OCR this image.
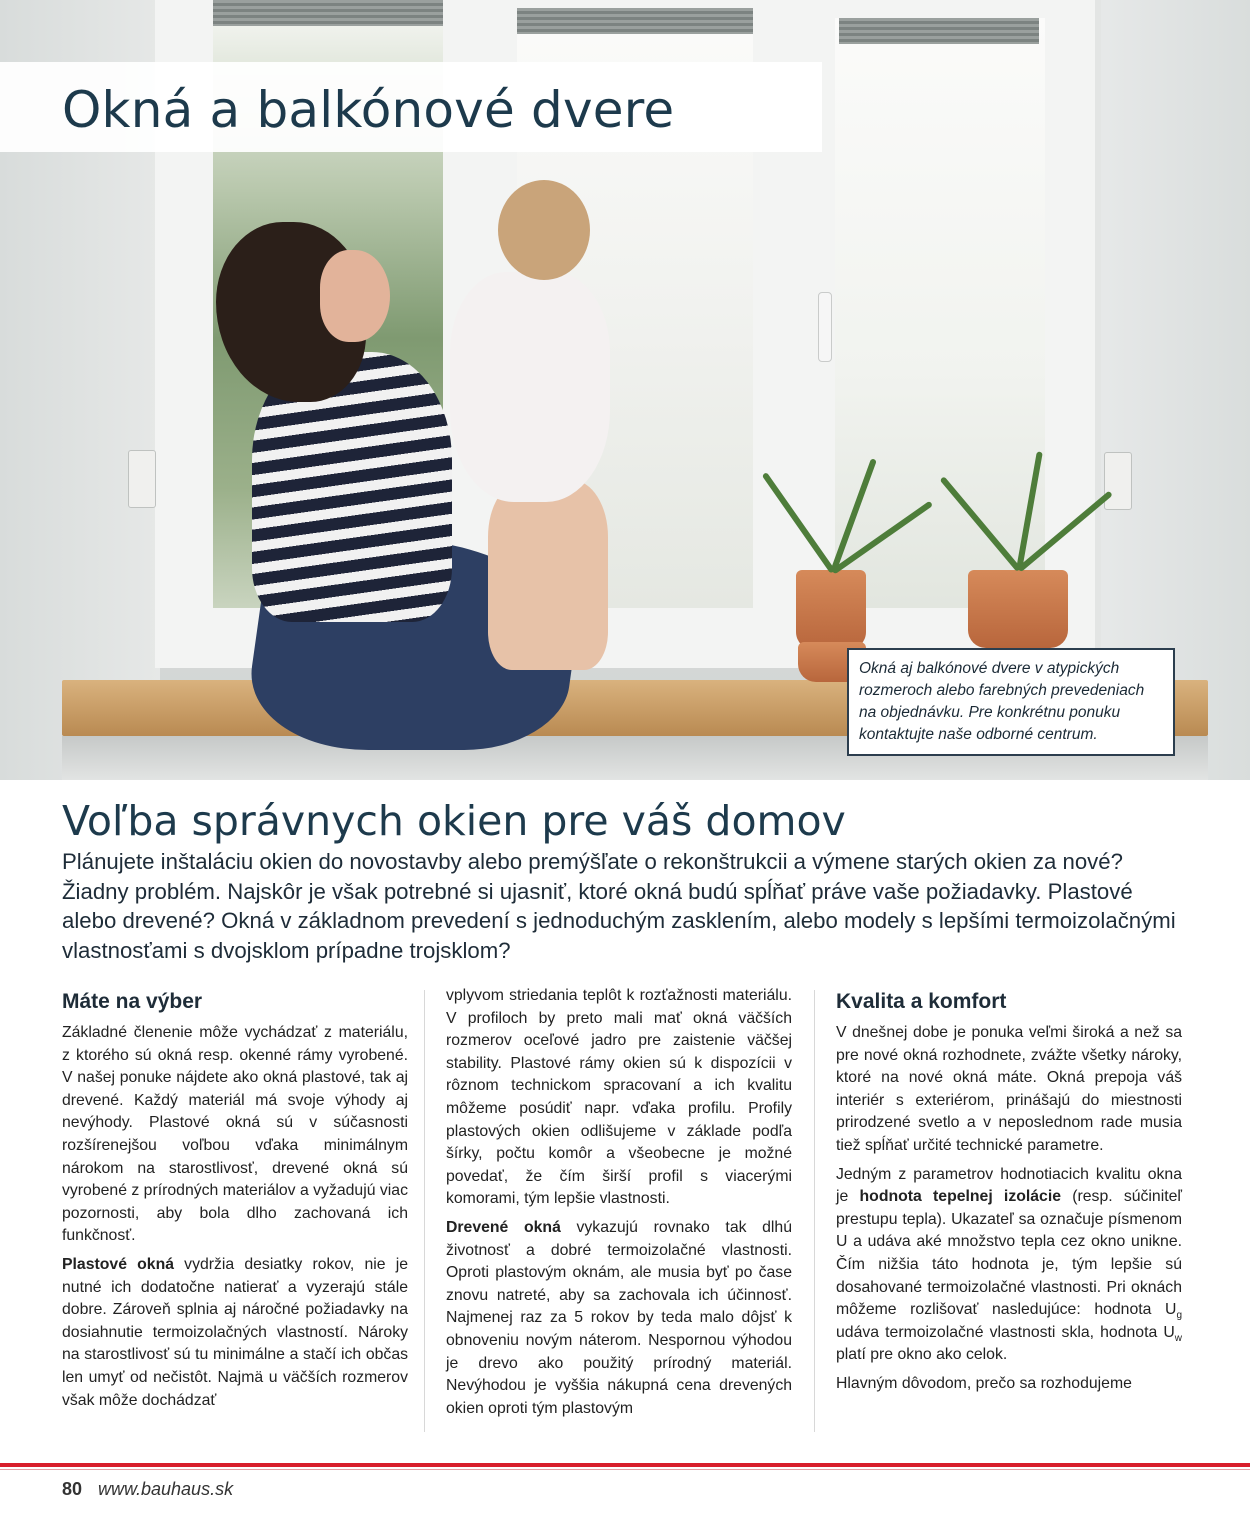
Okná a balkónové dvere
Okná aj balkónové dvere v atypických rozmeroch alebo farebných prevedeniach na objednávku. Pre konkrétnu ponuku kontaktujte naše odborné centrum.
Voľba správnych okien pre váš domov

Plánujete inštaláciu okien do novostavby alebo premýšľate o rekonštrukcii a výmene starých okien za nové? Žiadny problém. Najskôr je však potrebné si ujasniť, ktoré okná budú spĺňať práve vaše požiadavky. Plastové alebo drevené? Okná v základnom prevedení s jednoduchým zasklením, alebo modely s lepšími termoizolačnými vlastnosťami s dvojsklom prípadne trojsklom?

Máte na výber

Základné členenie môže vychádzať z materiálu, z ktorého sú okná resp. okenné rámy vyrobené. V našej ponuke nájdete ako okná plastové, tak aj drevené. Každý materiál má svoje výhody aj nevýhody. Plastové okná sú v súčasnosti rozšírenejšou voľbou vďaka minimálnym nárokom na starostlivosť, drevené okná sú vyrobené z prírodných materiálov a vyžadujú viac pozornosti, aby bola dlho zachovaná ich funkčnosť.

Plastové okná vydržia desiatky rokov, nie je nutné ich dodatočne natierať a vyzerajú stále dobre. Zároveň splnia aj náročné požiadavky na dosiahnutie termoizolačných vlastností. Nároky na starostlivosť sú tu minimálne a stačí ich občas len umyť od nečistôt. Najmä u väčších rozmerov však môže dochádzať

vplyvom striedania teplôt k rozťažnosti materiálu. V profiloch by preto mali mať okná väčších rozmerov oceľové jadro pre zaistenie väčšej stability. Plastové rámy okien sú k dispozícii v rôznom technickom spracovaní a ich kvalitu môžeme posúdiť napr. vďaka profilu. Profily plastových okien odlišujeme v základe podľa šírky, počtu komôr a všeobecne je možné povedať, že čím širší profil s viacerými komorami, tým lepšie vlastnosti.

Drevené okná vykazujú rovnako tak dlhú životnosť a dobré termoizolačné vlastnosti. Oproti plastovým oknám, ale musia byť po čase znovu natreté, aby sa zachovala ich účinnosť. Najmenej raz za 5 rokov by teda malo dôjsť k obnoveniu novým náterom. Nespornou výhodou je drevo ako použitý prírodný materiál. Nevýhodou je vyššia nákupná cena drevených okien oproti tým plastovým

Kvalita a komfort

V dnešnej dobe je ponuka veľmi široká a než sa pre nové okná rozhodnete, zvážte všetky nároky, ktoré na nové okná máte. Okná prepoja váš interiér s exteriérom, prinášajú do miestnosti prirodzené svetlo a v neposlednom rade musia tiež spĺňať určité technické parametre.

Jedným z parametrov hodnotiacich kvalitu okna je hodnota tepelnej izolácie (resp. súčiniteľ prestupu tepla). Ukazateľ sa označuje písmenom U a udáva aké množstvo tepla cez okno unikne. Čím nižšia táto hodnota je, tým lepšie sú dosahované termoizolačné vlastnosti. Pri oknách môžeme rozlišovať nasledujúce: hodnota $U_g$ udáva termoizolačné vlastnosti skla, hodnota $U_w$ platí pre okno ako celok.

Hlavným dôvodom, prečo sa rozhodujeme

80 www.bauhaus.sk
